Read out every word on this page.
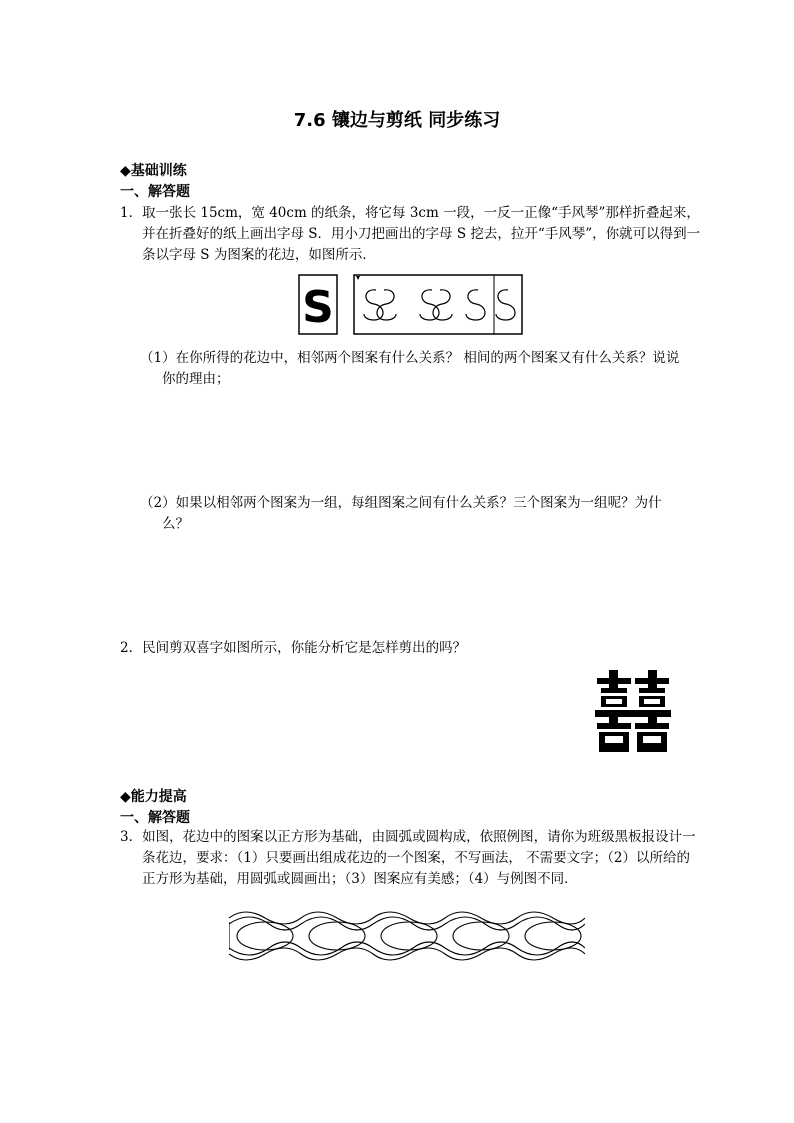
7.6 镶边与剪纸 同步练习
◆基础训练
一、解答题
1．取一张长 15cm，宽 40cm 的纸条，将它每 3cm 一段，一反一正像“手风琴”那样折叠起来，并在折叠好的纸上画出字母 S．用小刀把画出的字母 S 挖去，拉开“手风琴”，你就可以得到一条以字母 S 为图案的花边，如图所示．
S
（1）在你所得的花边中，相邻两个图案有什么关系？ 相间的两个图案又有什么关系？说说你的理由；
（2）如果以相邻两个图案为一组，每组图案之间有什么关系？三个图案为一组呢？为什么？
2．民间剪双喜字如图所示，你能分析它是怎样剪出的吗？
◆能力提高
一、解答题
3．如图，花边中的图案以正方形为基础，由圆弧或圆构成，依照例图，请你为班级黑板报设计一条花边，要求：（1）只要画出组成花边的一个图案，不写画法， 不需要文字；（2）以所给的正方形为基础，用圆弧或圆画出；（3）图案应有美感；（4）与例图不同．
